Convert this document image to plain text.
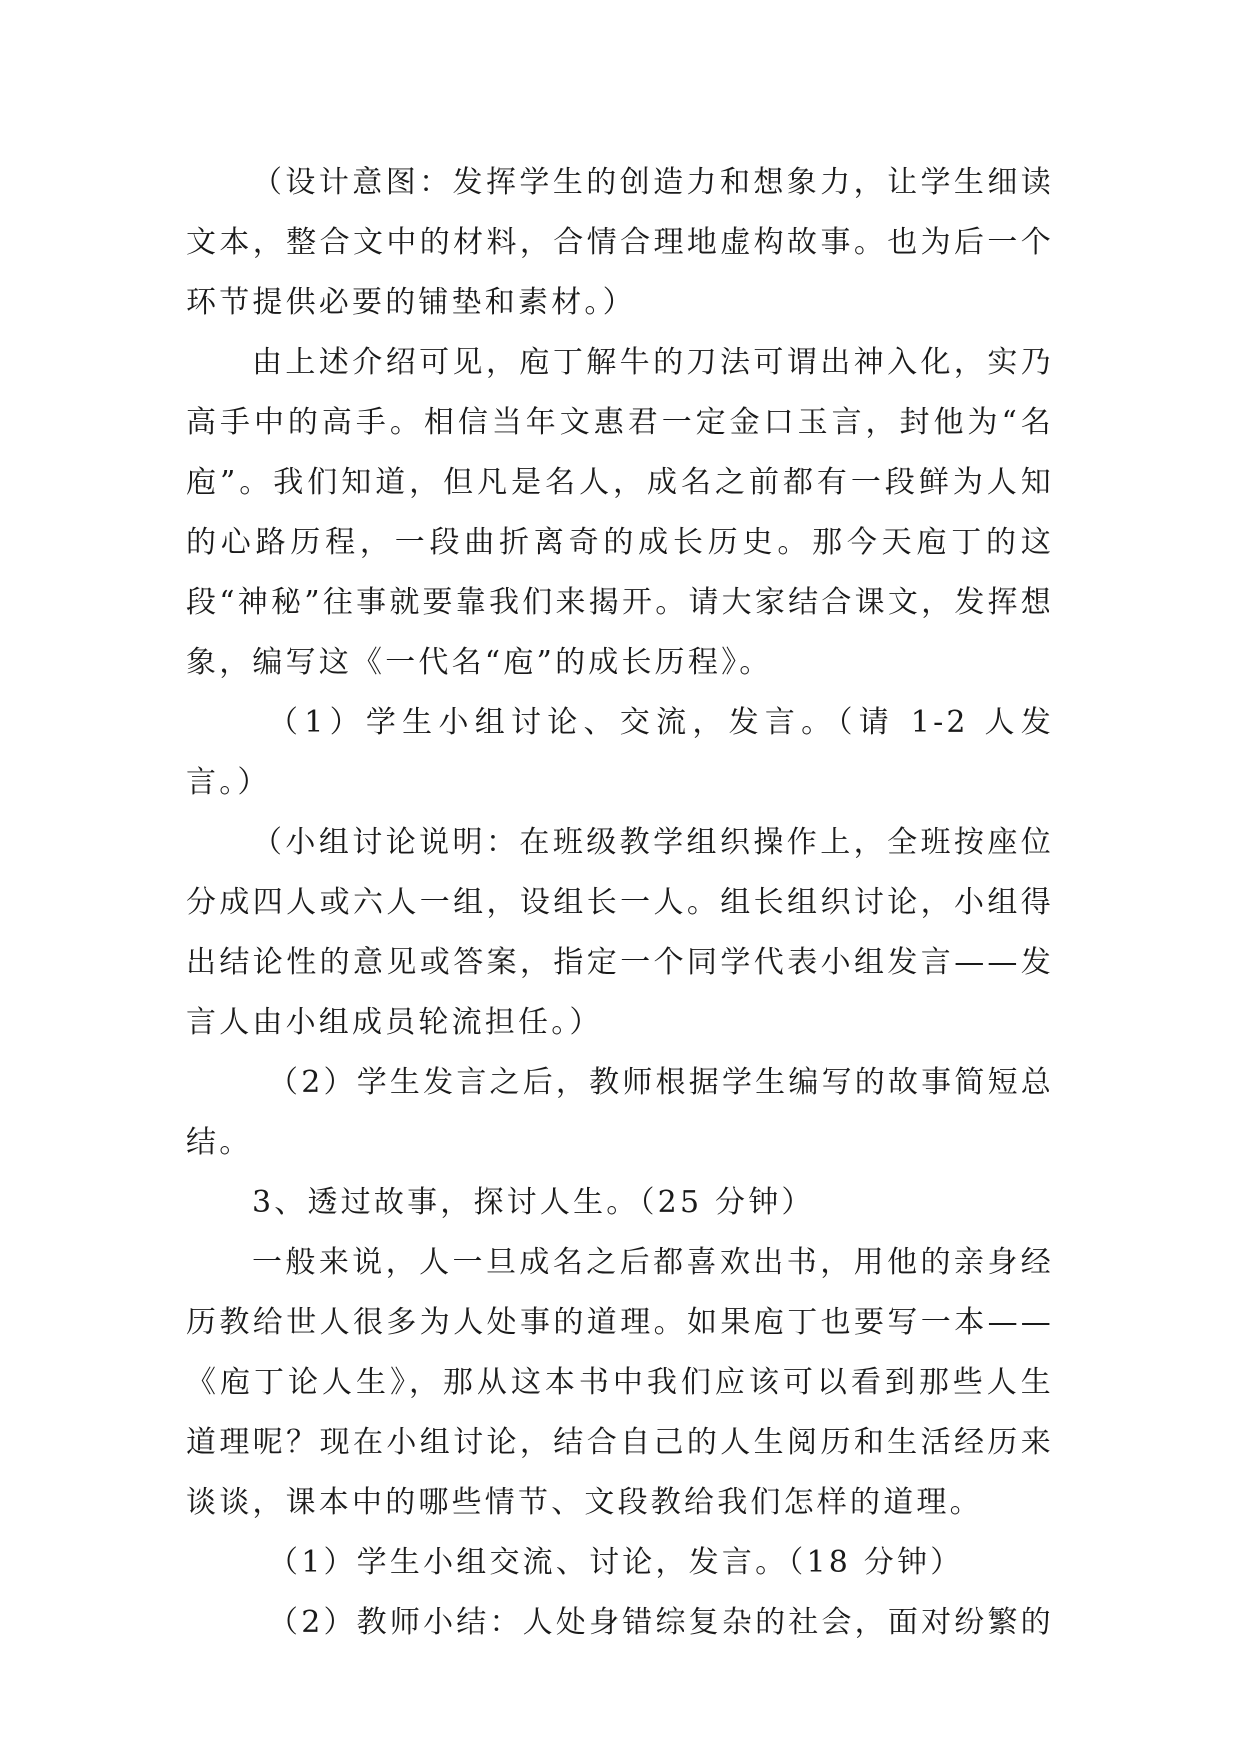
（设计意图：发挥学生的创造力和想象力，让学生细读文本，整合文中的材料，合情合理地虚构故事。也为后一个环节提供必要的铺垫和素材。）

由上述介绍可见，庖丁解牛的刀法可谓出神入化，实乃高手中的高手。相信当年文惠君一定金口玉言，封他为“名庖”。我们知道，但凡是名人，成名之前都有一段鲜为人知的心路历程，一段曲折离奇的成长历史。那今天庖丁的这段“神秘”往事就要靠我们来揭开。请大家结合课文，发挥想象，编写这《一代名“庖”的成长历程》。

（1）学生小组讨论、交流，发言。（请 1-2 人发言。）

（小组讨论说明：在班级教学组织操作上，全班按座位分成四人或六人一组，设组长一人。组长组织讨论，小组得出结论性的意见或答案，指定一个同学代表小组发言——发言人由小组成员轮流担任。）

（2）学生发言之后，教师根据学生编写的故事简短总结。

3、透过故事，探讨人生。（25 分钟）

一般来说，人一旦成名之后都喜欢出书，用他的亲身经历教给世人很多为人处事的道理。如果庖丁也要写一本——《庖丁论人生》，那从这本书中我们应该可以看到那些人生道理呢？现在小组讨论，结合自己的人生阅历和生活经历来谈谈，课本中的哪些情节、文段教给我们怎样的道理。

（1）学生小组交流、讨论，发言。（18 分钟）

（2）教师小结：人处身错综复杂的社会，面对纷繁的
